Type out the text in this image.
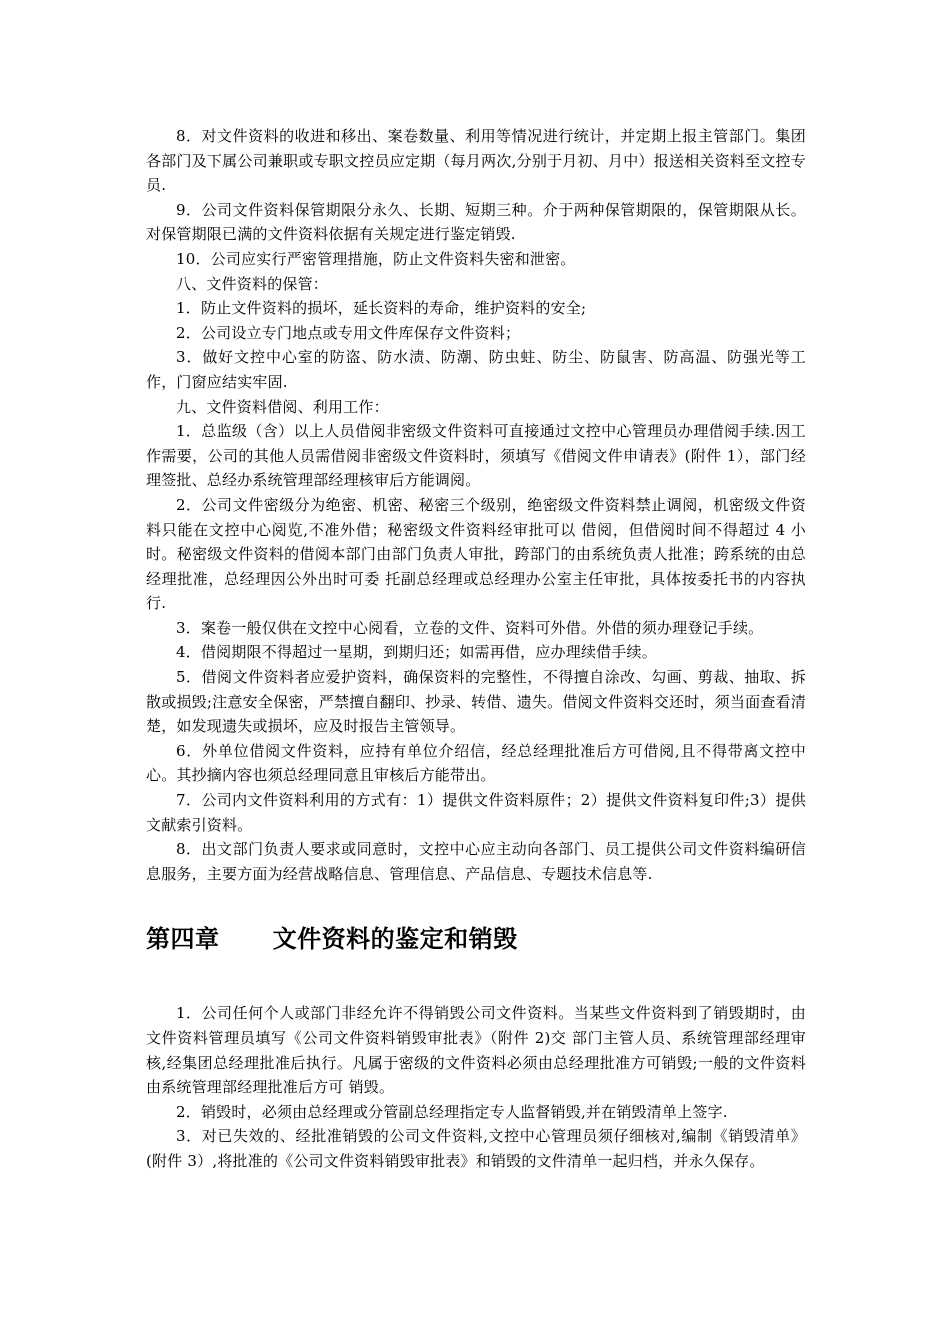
8．对文件资料的收进和移出、案卷数量、利用等情况进行统计，并定期上报主管部门。集团各部门及下属公司兼职或专职文控员应定期（每月两次,分别于月初、月中）报送相关资料至文控专员.

9．公司文件资料保管期限分永久、长期、短期三种。介于两种保管期限的，保管期限从长。对保管期限已满的文件资料依据有关规定进行鉴定销毁.

10．公司应实行严密管理措施，防止文件资料失密和泄密。

八、文件资料的保管：

1．防止文件资料的损坏，延长资料的寿命，维护资料的安全;

2．公司设立专门地点或专用文件库保存文件资料；

3．做好文控中心室的防盗、防水渍、防潮、防虫蛀、防尘、防鼠害、防高温、防强光等工作，门窗应结实牢固.

九、文件资料借阅、利用工作：

1．总监级（含）以上人员借阅非密级文件资料可直接通过文控中心管理员办理借阅手续.因工作需要，公司的其他人员需借阅非密级文件资料时，须填写《借阅文件申请表》(附件 1），部门经理签批、总经办系统管理部经理核审后方能调阅。

2．公司文件密级分为绝密、机密、秘密三个级别，绝密级文件资料禁止调阅，机密级文件资料只能在文控中心阅览,不准外借；秘密级文件资料经审批可以 借阅，但借阅时间不得超过 4 小时。秘密级文件资料的借阅本部门由部门负责人审批，跨部门的由系统负责人批准；跨系统的由总经理批准，总经理因公外出时可委 托副总经理或总经理办公室主任审批，具体按委托书的内容执行.

3．案卷一般仅供在文控中心阅看，立卷的文件、资料可外借。外借的须办理登记手续。

4．借阅期限不得超过一星期，到期归还；如需再借，应办理续借手续。

5．借阅文件资料者应爱护资料，确保资料的完整性，不得擅自涂改、勾画、剪裁、抽取、拆散或损毁;注意安全保密，严禁擅自翻印、抄录、转借、遗失。借阅文件资料交还时，须当面查看清楚，如发现遗失或损坏，应及时报告主管领导。

6．外单位借阅文件资料，应持有单位介绍信，经总经理批准后方可借阅,且不得带离文控中心。其抄摘内容也须总经理同意且审核后方能带出。

7．公司内文件资料利用的方式有：1）提供文件资料原件；2）提供文件资料复印件;3）提供文献索引资料。

8．出文部门负责人要求或同意时，文控中心应主动向各部门、员工提供公司文件资料编研信息服务，主要方面为经营战略信息、管理信息、产品信息、专题技术信息等.

第四章      文件资料的鉴定和销毁

1．公司任何个人或部门非经允许不得销毁公司文件资料。当某些文件资料到了销毁期时，由文件资料管理员填写《公司文件资料销毁审批表》（附件 2)交 部门主管人员、系统管理部经理审核,经集团总经理批准后执行。凡属于密级的文件资料必须由总经理批准方可销毁;一般的文件资料由系统管理部经理批准后方可 销毁。

2．销毁时，必须由总经理或分管副总经理指定专人监督销毁,并在销毁清单上签字.

3．对已失效的、经批准销毁的公司文件资料,文控中心管理员须仔细核对,编制《销毁清单》(附件 3）,将批准的《公司文件资料销毁审批表》和销毁的文件清单一起归档，并永久保存。
